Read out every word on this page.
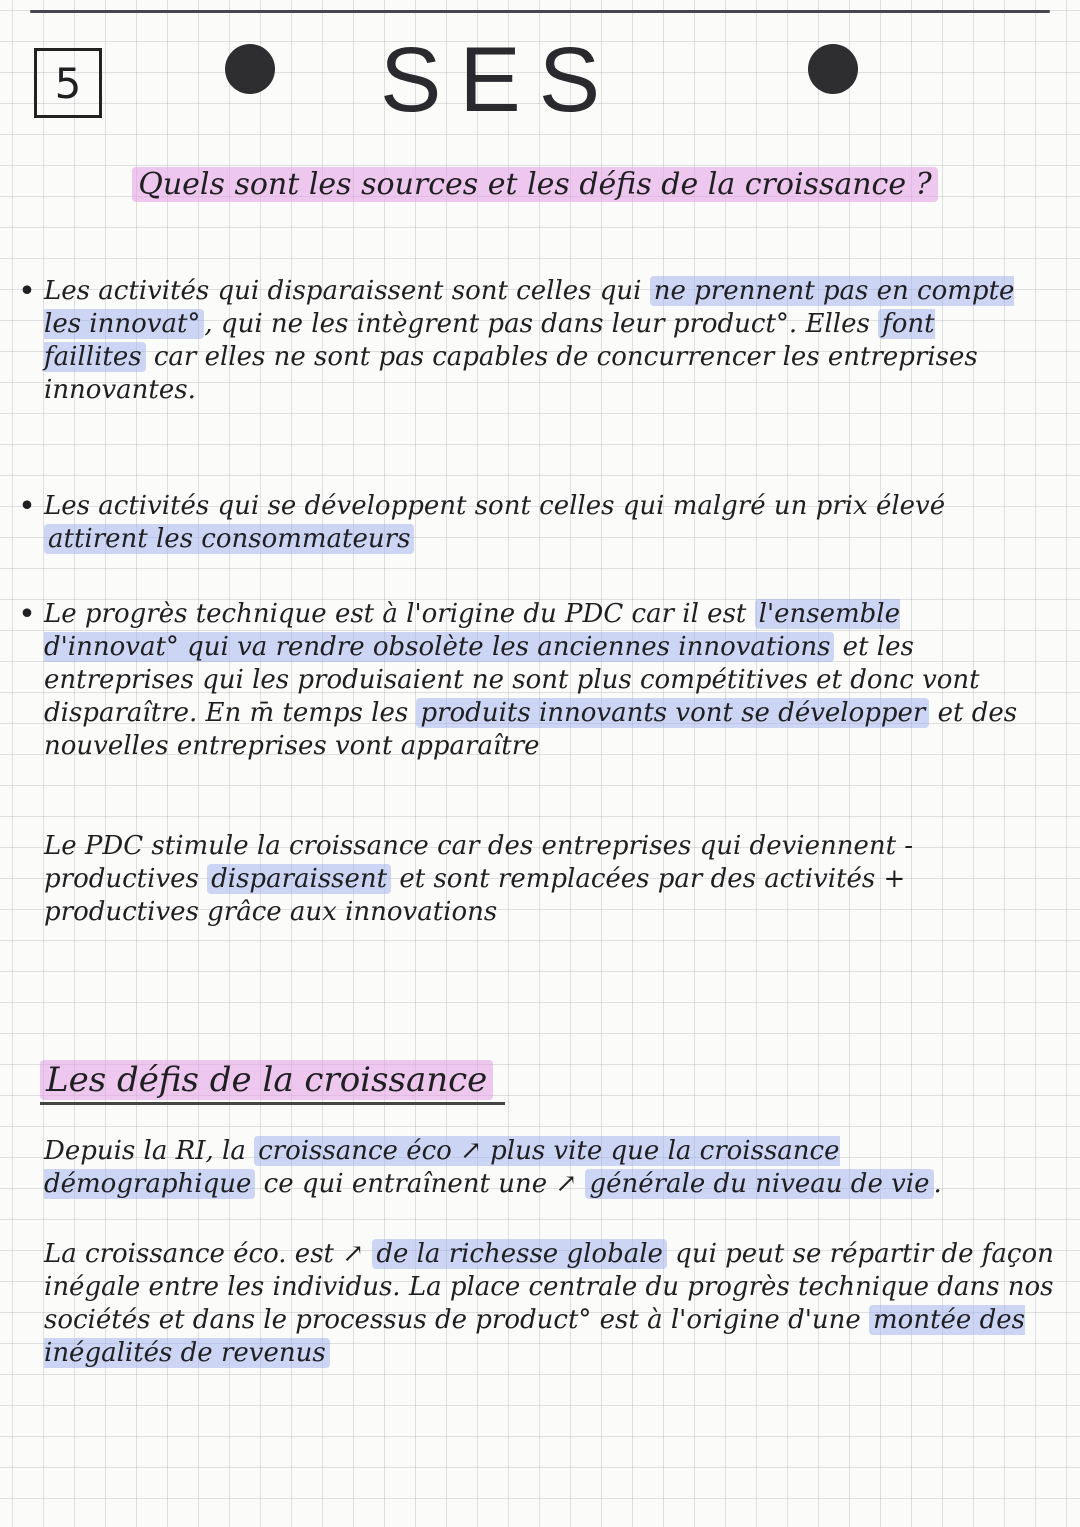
5	SES
Quels sont les sources et les défis de la croissance ?
• Les activités qui disparaissent sont celles qui ne prennent pas en compte les innovat° , qui ne les intègrent pas dans leur product°. Elles font faillites car elles ne sont pas capables de concurrencer les entreprises innovantes.
• Les activités qui se développent sont celles qui malgré un prix élevé attirent les consommateurs
• Le progrès technique est à l'origine du PDC car il est l'ensemble d'innovat° qui va rendre obsolète les anciennes innovations et les entreprises qui les produisaient ne sont plus compétitives et donc vont disparaître. En m̄ temps les produits innovants vont se développer et des nouvelles entreprises vont apparaître
Le PDC stimule la croissance car des entreprises qui deviennent - productives disparaissent et sont remplacées par des activités + productives grâce aux innovations
Les défis de la croissance
Depuis la RI, la croissance éco ↗ plus vite que la croissance démographique ce qui entraînent une ↗ générale du niveau de vie .
La croissance éco. est ↗ de la richesse globale qui peut se répartir de façon inégale entre les individus. La place centrale du progrès technique dans nos sociétés et dans le processus de product° est à l'origine d'une montée des inégalités de revenus
